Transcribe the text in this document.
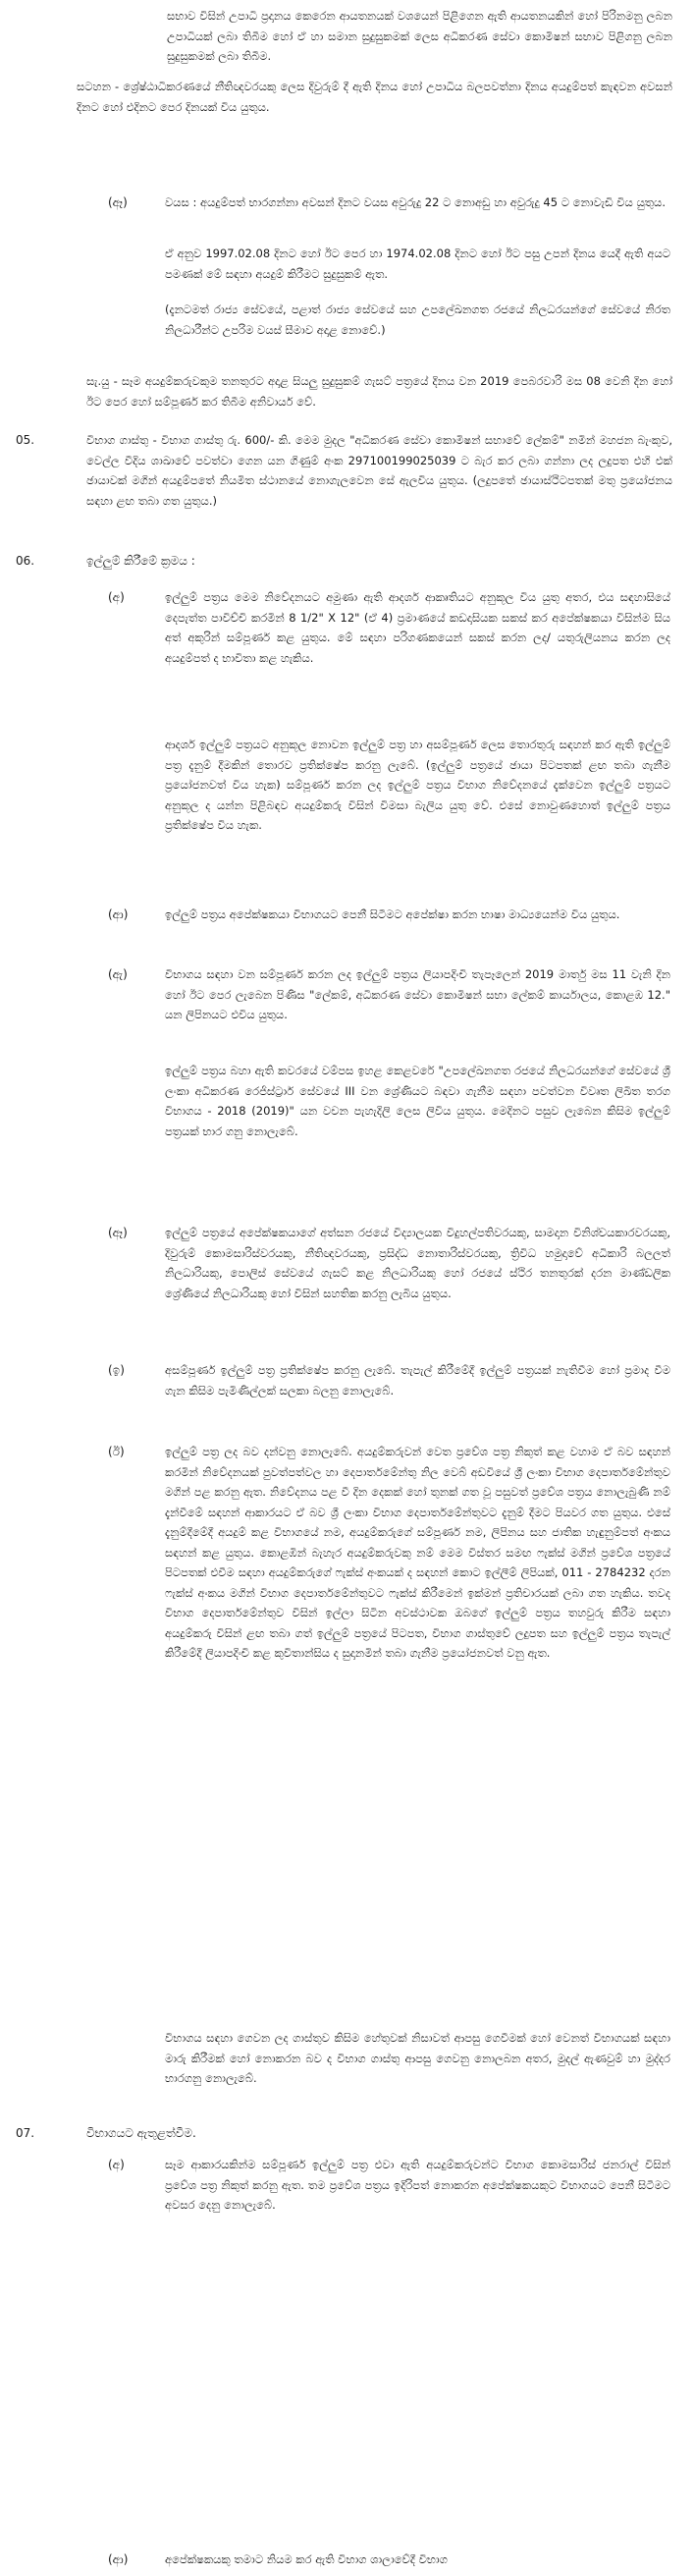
සභාව විසින් උපාධි ප්‍රදානය කෙරෙන ආයතනයක් වශයෙන් පිළිගෙන ඇති ආයතනයකින් හෝ පිරිනමනු ලබන උපාධියක් ලබා තිබීම හෝ ඒ හා සමාන සුදුසුකමක් ලෙස අධිකරණ සේවා කොමිෂන් සභාව පිළිගනු ලබන සුදුසුකමක් ලබා තිබීම.

සටහන - ශ්‍රේෂ්ඨාධිකරණයේ නීතිඥවරයකු ලෙස දිවුරුම් දී ඇති දිනය හෝ උපාධිය බලපවත්නා දිනය අයදුම්පත් කැඳවන අවසන් දිනට හෝ එදිනට පෙර දිනයක් විය යුතුය.

(ඈ)	වයස : අයදුම්පත් භාරගන්නා අවසන් දිනට වයස අවුරුදු 22 ට නොඅඩු හා අවුරුදු 45 ට නොවැඩි විය යුතුය.

ඒ අනුව 1997.02.08 දිනට හෝ ඊට පෙර හා 1974.02.08 දිනට හෝ ඊට පසු උපන් දිනය යෙදී ඇති අයට පමණක් මේ සඳහා අයදුම් කිරීමට සුදුසුකම් ඇත.

(දැනටමත් රාජ්‍ය සේවයේ, පළාත් රාජ්‍ය සේවයේ සහ උපලේඛනගත රජයේ නිලධරයන්ගේ සේවයේ නිරත නිලධාරීන්ට උපරිම වයස් සීමාව අදාළ නොවේ.)

සැ.යු - සෑම අයදුම්කරුවකුම තනතුරට අදාළ සියලු සුදුසුකම් ගැසට් පත්‍රයේ දිනය වන 2019 පෙබරවාරි මස 08 වෙනි දින හෝ ඊට පෙර හෝ සම්පූර්ණ කර තිබීම අනිවාර්ය වේ.

05.	විභාග ගාස්තු - විභාග ගාස්තු රු. 600/- කි. මෙම මුදල "අධිකරණ සේවා කොමිෂන් සභාවේ ලේකම්" නමින් මහජන බැංකුව, වෙල්ල වීදිය ශාඛාවේ පවත්වා ගෙන යන ගිණුම් අංක 297100199025039 ට බැර කර ලබා ගන්නා ලද ලදුපත එහි එක් ඡායාවක් මගින් අයදුම්පතේ නියමිත ස්ථානයේ නොගැලවෙන සේ ඇලවිය යුතුය. (ලදුපතේ ඡායාස්ථිටපතක් මතු ප්‍රයෝජනය සඳහා ළඟ තබා ගත යුතුය.)

06.	ඉල්ලුම් කිරීමේ ක්‍රමය :
(අ)	ඉල්ලුම් පත්‍රය මෙම නිවේදනයට අමුණා ඇති ආදර්ශ ආකෘතියට අනුකූල විය යුතු අතර, එය සඳහාසියේ දෙපැත්ත පාවිච්චි කරමින් 8 1/2" X 12" (ඒ 4) ප්‍රමාණයේ කඩදාසියක සකස් කර අපේක්ෂකයා විසින්ම සිය අත් අකුරින් සම්පූර්ණ කළ යුතුය. මේ සඳහා පරිගණකයෙන් සකස් කරන ලද/ යතුරුලියනය කරන ලද අයදුම්පත් ද භාවිතා කළ හැකිය.

ආදර්ශ ඉල්ලුම් පත්‍රයට අනුකූල නොවන ඉල්ලුම් පත්‍ර හා අසම්පූර්ණ ලෙස තොරතුරු සඳහන් කර ඇති ඉල්ලුම් පත්‍ර දැනුම් දීමකින් තොරව ප්‍රතික්ෂේප කරනු ලැබේ. (ඉල්ලුම් පත්‍රයේ ඡායා පිටපතක් ළඟ තබා ගැනීම ප්‍රයෝජනවත් විය හැක) සම්පූර්ණ කරන ලද ඉල්ලුම් පත්‍රය විභාග නිවේදනයේ දැක්වෙන ඉල්ලුම් පත්‍රයට අනුකූල ද යන්න පිළිබඳව අයදුම්කරු විසින් විමසා බැලිය යුතු වේ. එසේ නොවුණහොත් ඉල්ලුම් පත්‍රය ප්‍රතික්ෂේප විය හැක.

(ආ)	ඉල්ලුම් පත්‍රය අපේක්ෂකයා විභාගයට පෙනී සිටීමට අපේක්ෂා කරන භාෂා මාධ්‍යයෙන්ම විය යුතුය.

(ඇ)	විභාගය සඳහා වන සම්පූර්ණ කරන ලද ඉල්ලුම් පත්‍රය ලියාපදිංචි තැපෑලෙන් 2019 මාර්තු මස 11 වැනි දින හෝ ඊට පෙර ලැබෙන පිණිස "ලේකම්, අධිකරණ සේවා කොමිෂන් සභා ලේකම් කාර්යාලය, කොළඹ 12." යන ලිපිනයට එවිය යුතුය.

ඉල්ලුම් පත්‍රය බහා ඇති කවරයේ වම්පස ඉහළ කෙළවරේ "උපලේඛනගත රජයේ නිලධරයන්ගේ සේවයේ ශ්‍රී ලංකා අධිකරණ රෙජිස්ට්‍රාර් සේවයේ III වන ශ්‍රේණියට බඳවා ගැනීම සඳහා පවත්වන විවෘත ලිඛිත තරග විභාගය - 2018 (2019)" යන වචන පැහැදිලි ලෙස ලිවිය යුතුය. මෙදිනට පසුව ලැබෙන කිසිම ඉල්ලුම් පත්‍රයක් භාර ගනු නොලැබේ.

(ඈ)	ඉල්ලුම් පත්‍රයේ අපේක්ෂකයාගේ අත්සන රජයේ විද්‍යාලයක විදුහල්පතිවරයකු, සාමදාන විනිශ්චයකාරවරයකු, දිවුරුම් කොමසාරිස්වරයකු, නීතිඥවරයකු, ප්‍රසිද්ධ නොතාරිස්වරයකු, ත්‍රිවිධ හමුදාවේ අධිකාරි බලලත් නිලධාරියකු, පොලිස් සේවයේ ගැසට් කළ නිලධාරියකු හෝ රජයේ ස්ථිර තනතුරක් දරන මාණ්ඩලික ශ්‍රේණියේ නිලධාරියකු හෝ විසින් සහතික කරනු ලැබිය යුතුය.

(ඉ)	අසම්පූර්ණ ඉල්ලුම් පත්‍ර ප්‍රතික්ෂේප කරනු ලැබේ. තැපැල් කිරීමේදී ඉල්ලුම් පත්‍රයක් නැතිවීම හෝ ප්‍රමාද වීම ගැන කිසිම පැමිණිල්ලක් සලකා බලනු නොලැබේ.

(ඊ)	ඉල්ලුම් පත්‍ර ලද බව දන්වනු නොලැබේ. අයදුම්කරුවන් වෙත ප්‍රවේශ පත්‍ර නිකුත් කළ වහාම ඒ බව සඳහන් කරමින් නිවේදනයක් පුවත්පත්වල හා දෙපාර්තමේන්තු නිල වෙබ් අඩවියේ ශ්‍රී ලංකා විභාග දෙපාර්තමේන්තුව මගින් පළ කරනු ඇත. නිවේදනය පළ වී දින දෙකක් හෝ තුනක් ගත වූ පසුවත් ප්‍රවේශ පත්‍රය නොලැබුණි නම් දැන්වීමේ සඳහන් ආකාරයට ඒ බව ශ්‍රී ලංකා විභාග දෙපාර්තමේන්තුවට දැනුම් දීමට පියවර ගත යුතුය. එසේ දැනුම්දීමේදී අයදුම් කළ විභාගයේ නම, අයදුම්කරුගේ සම්පූර්ණ නම, ලිපිනය සහ ජාතික හැඳුනුම්පත් අංකය සඳහන් කළ යුතුය. කොළඹින් බැහැර අයදුම්කරුවකු නම් මෙම විස්තර සමඟ ෆැක්ස් මගින් ප්‍රවේශ පත්‍රයේ පිටපතක් එවීම සඳහා අයදුම්කරුගේ ෆැක්ස් අංකයක් ද සඳහන් කොට ඉල්ලීම් ලිපියක්, 011 - 2784232 දරන ෆැක්ස් අංකය මගින් විභාග දෙපාර්තමේන්තුවට ෆැක්ස් කිරීමෙන් ඉක්මන් ප්‍රතිචාරයක් ලබා ගත හැකිය. තවද විභාග දෙපාර්තමේන්තුව විසින් ඉල්ලා සිටින අවස්ථාවක ඔබගේ ඉල්ලුම් පත්‍රය තහවුරු කිරීම සඳහා අයදුම්කරු විසින් ළඟ තබා ගත් ඉල්ලුම් පත්‍රයේ පිටපත, විභාග ගාස්තුවේ ලදුපත සහ ඉල්ලුම් පත්‍රය තැපැල් කිරීමේදී ලියාපදිංචි කළ කුවිතාන්සිය ද සුදානමින් තබා ගැනීම ප්‍රයෝජනවත් වනු ඇත.

විභාගය සඳහා ගෙවන ලද ගාස්තුව කිසිම හේතුවක් නිසාවත් ආපසු ගෙවීමක් හෝ වෙනත් විභාගයක් සඳහා මාරු කිරීමක් හෝ නොකරන බව ද විභාග ගාස්තු ආපසු ගෙවනු නොලබන අතර, මුදල් ඇණවුම් හා මුද්දර භාරගනු නොලැබේ.

07.	විභාගයට ඇතුළත්වීම.
(අ)	සෑම ආකාරයකින්ම සම්පූර්ණ ඉල්ලුම් පත්‍ර එවා ඇති අයදුම්කරුවන්ට විභාග කොමසාරිස් ජනරාල් විසින් ප්‍රවේශ පත්‍ර නිකුත් කරනු ඇත. තම ප්‍රවේශ පත්‍රය ඉදිරිපත් නොකරන අපේක්ෂකයකුට විභාගයට පෙනී සිටීමට අවසර දෙනු නොලැබේ.

(ආ)	අපේක්ෂකයකු තමාට නියම කර ඇති විභාග ශාලාවේදී විභාග
